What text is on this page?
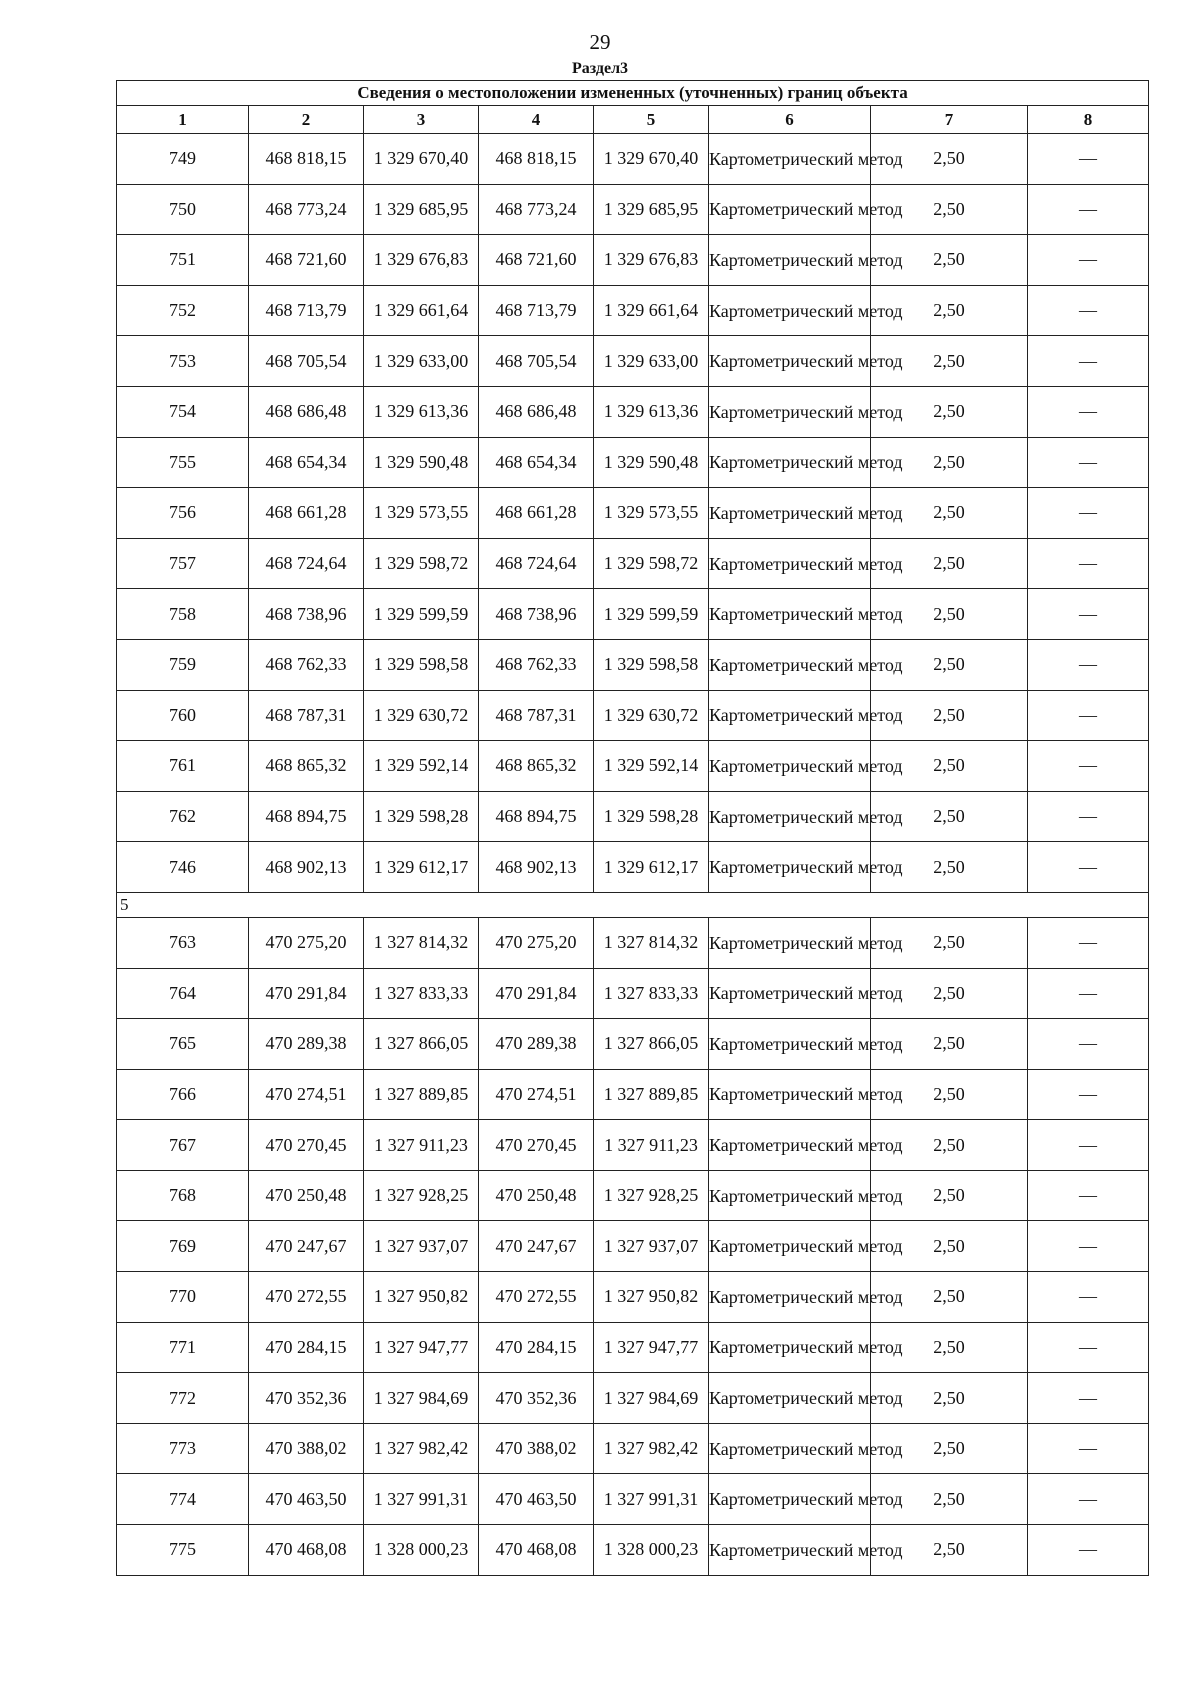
29
Раздел3
Сведения о местоположении измененных (уточненных) границ объекта							
1	2	3	4	5	6	7	8
749	468 818,15	1 329 670,40	468 818,15	1 329 670,40	Картометрический метод	2,50	—
750	468 773,24	1 329 685,95	468 773,24	1 329 685,95	Картометрический метод	2,50	—
751	468 721,60	1 329 676,83	468 721,60	1 329 676,83	Картометрический метод	2,50	—
752	468 713,79	1 329 661,64	468 713,79	1 329 661,64	Картометрический метод	2,50	—
753	468 705,54	1 329 633,00	468 705,54	1 329 633,00	Картометрический метод	2,50	—
754	468 686,48	1 329 613,36	468 686,48	1 329 613,36	Картометрический метод	2,50	—
755	468 654,34	1 329 590,48	468 654,34	1 329 590,48	Картометрический метод	2,50	—
756	468 661,28	1 329 573,55	468 661,28	1 329 573,55	Картометрический метод	2,50	—
757	468 724,64	1 329 598,72	468 724,64	1 329 598,72	Картометрический метод	2,50	—
758	468 738,96	1 329 599,59	468 738,96	1 329 599,59	Картометрический метод	2,50	—
759	468 762,33	1 329 598,58	468 762,33	1 329 598,58	Картометрический метод	2,50	—
760	468 787,31	1 329 630,72	468 787,31	1 329 630,72	Картометрический метод	2,50	—
761	468 865,32	1 329 592,14	468 865,32	1 329 592,14	Картометрический метод	2,50	—
762	468 894,75	1 329 598,28	468 894,75	1 329 598,28	Картометрический метод	2,50	—
746	468 902,13	1 329 612,17	468 902,13	1 329 612,17	Картометрический метод	2,50	—
5							
763	470 275,20	1 327 814,32	470 275,20	1 327 814,32	Картометрический метод	2,50	—
764	470 291,84	1 327 833,33	470 291,84	1 327 833,33	Картометрический метод	2,50	—
765	470 289,38	1 327 866,05	470 289,38	1 327 866,05	Картометрический метод	2,50	—
766	470 274,51	1 327 889,85	470 274,51	1 327 889,85	Картометрический метод	2,50	—
767	470 270,45	1 327 911,23	470 270,45	1 327 911,23	Картометрический метод	2,50	—
768	470 250,48	1 327 928,25	470 250,48	1 327 928,25	Картометрический метод	2,50	—
769	470 247,67	1 327 937,07	470 247,67	1 327 937,07	Картометрический метод	2,50	—
770	470 272,55	1 327 950,82	470 272,55	1 327 950,82	Картометрический метод	2,50	—
771	470 284,15	1 327 947,77	470 284,15	1 327 947,77	Картометрический метод	2,50	—
772	470 352,36	1 327 984,69	470 352,36	1 327 984,69	Картометрический метод	2,50	—
773	470 388,02	1 327 982,42	470 388,02	1 327 982,42	Картометрический метод	2,50	—
774	470 463,50	1 327 991,31	470 463,50	1 327 991,31	Картометрический метод	2,50	—
775	470 468,08	1 328 000,23	470 468,08	1 328 000,23	Картометрический метод	2,50	—
